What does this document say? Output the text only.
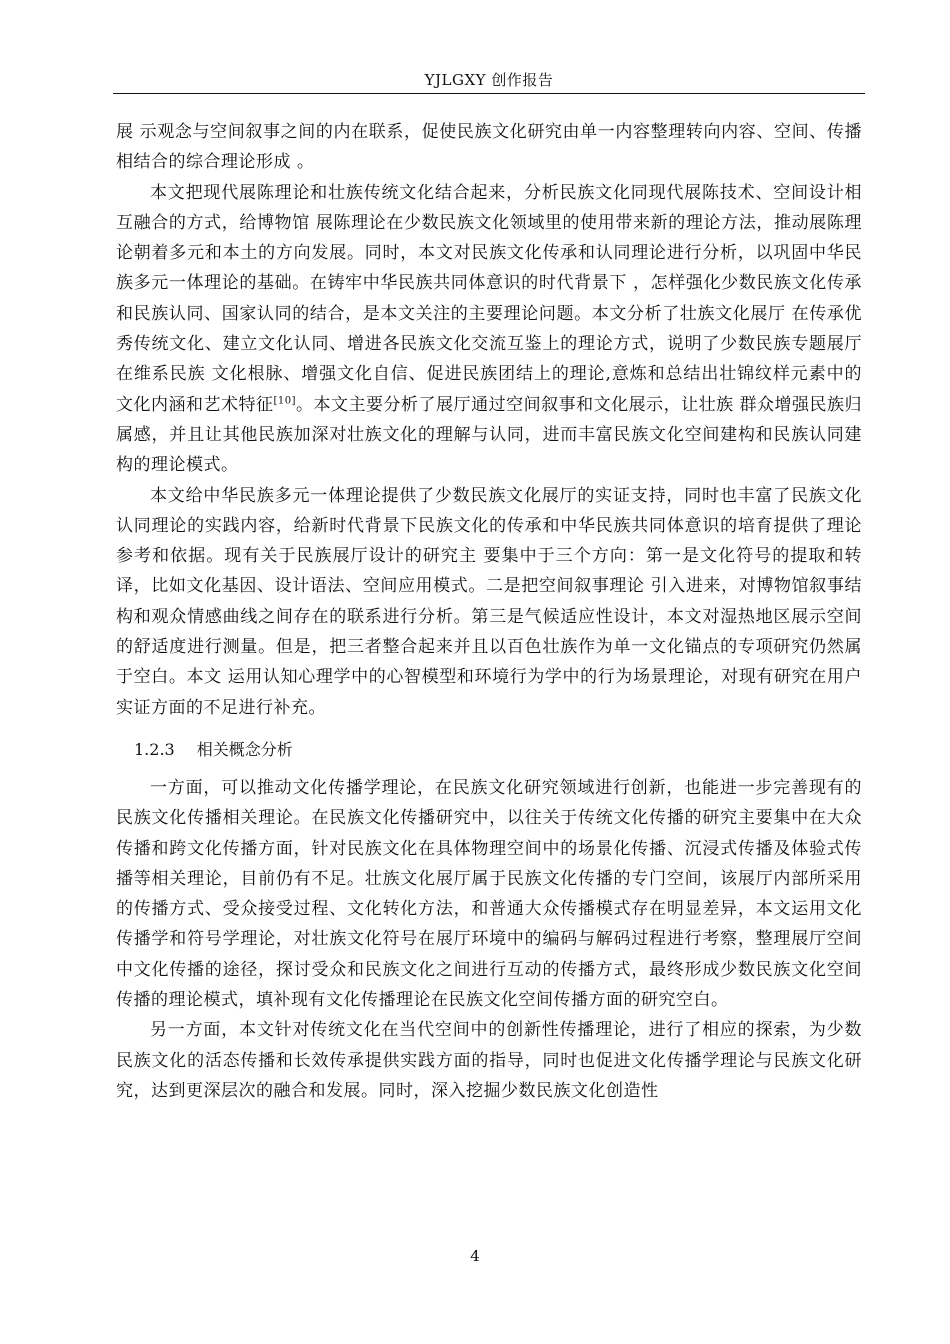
YJLGXY 创作报告

展 示观念与空间叙事之间的内在联系，促使民族文化研究由单一内容整理转向内容、空间、传播相结合的综合理论形成 。

本文把现代展陈理论和壮族传统文化结合起来，分析民族文化同现代展陈技术、空间设计相互融合的方式，给博物馆 展陈理论在少数民族文化领域里的使用带来新的理论方法，推动展陈理论朝着多元和本土的方向发展。同时，本文对民族文化传承和认同理论进行分析，以巩固中华民族多元一体理论的基础。在铸牢中华民族共同体意识的时代背景下 ，怎样强化少数民族文化传承和民族认同、国家认同的结合，是本文关注的主要理论问题。本文分析了壮族文化展厅 在传承优秀传统文化、建立文化认同、增进各民族文化交流互鉴上的理论方式，说明了少数民族专题展厅在维系民族 文化根脉、增强文化自信、促进民族团结上的理论,意炼和总结出壮锦纹样元素中的文化内涵和艺术特征[10]。本文主要分析了展厅通过空间叙事和文化展示，让壮族 群众增强民族归属感，并且让其他民族加深对壮族文化的理解与认同，进而丰富民族文化空间建构和民族认同建构的理论模式。

本文给中华民族多元一体理论提供了少数民族文化展厅的实证支持，同时也丰富了民族文化认同理论的实践内容，给新时代背景下民族文化的传承和中华民族共同体意识的培育提供了理论参考和依据。现有关于民族展厅设计的研究主 要集中于三个方向：第一是文化符号的提取和转译，比如文化基因、设计语法、空间应用模式。二是把空间叙事理论 引入进来，对博物馆叙事结构和观众情感曲线之间存在的联系进行分析。第三是气候适应性设计，本文对湿热地区展示空间的舒适度进行测量。但是，把三者整合起来并且以百色壮族作为单一文化锚点的专项研究仍然属于空白。本文 运用认知心理学中的心智模型和环境行为学中的行为场景理论，对现有研究在用户实证方面的不足进行补充。

1.2.3 相关概念分析

一方面，可以推动文化传播学理论，在民族文化研究领域进行创新，也能进一步完善现有的民族文化传播相关理论。在民族文化传播研究中，以往关于传统文化传播的研究主要集中在大众传播和跨文化传播方面，针对民族文化在具体物理空间中的场景化传播、沉浸式传播及体验式传播等相关理论，目前仍有不足。壮族文化展厅属于民族文化传播的专门空间，该展厅内部所采用的传播方式、受众接受过程、文化转化方法，和普通大众传播模式存在明显差异，本文运用文化传播学和符号学理论，对壮族文化符号在展厅环境中的编码与解码过程进行考察，整理展厅空间中文化传播的途径，探讨受众和民族文化之间进行互动的传播方式，最终形成少数民族文化空间传播的理论模式，填补现有文化传播理论在民族文化空间传播方面的研究空白。

另一方面，本文针对传统文化在当代空间中的创新性传播理论，进行了相应的探索，为少数民族文化的活态传播和长效传承提供实践方面的指导，同时也促进文化传播学理论与民族文化研究，达到更深层次的融合和发展。同时，深入挖掘少数民族文化创造性

4
